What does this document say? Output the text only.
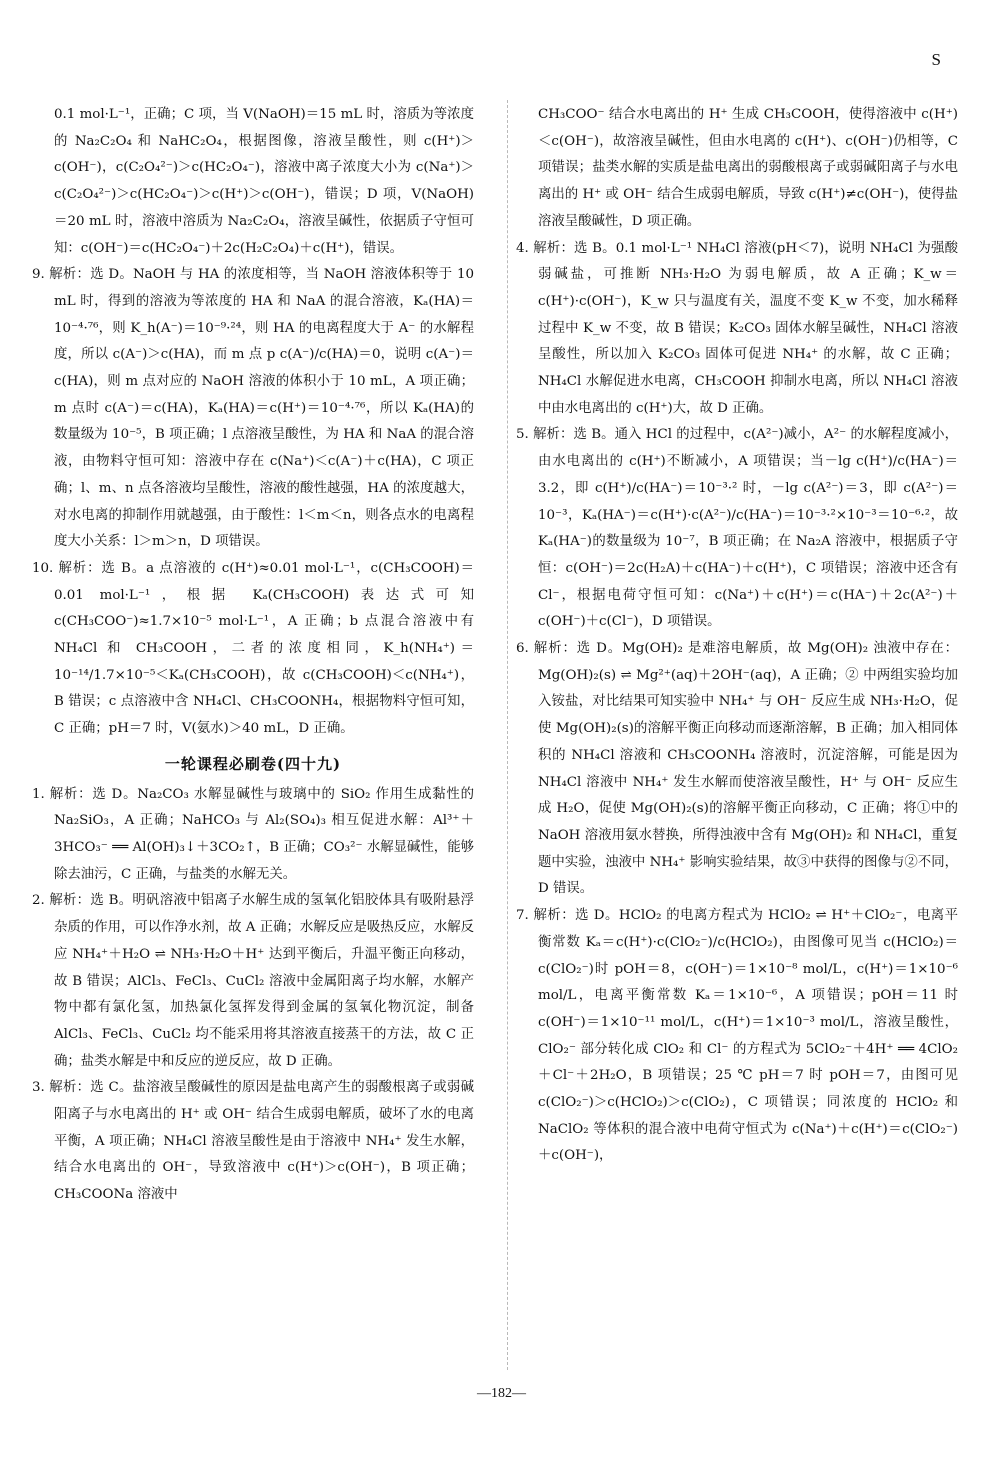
S

0.1 mol·L⁻¹，正确；C 项，当 V(NaOH)＝15 mL 时，溶质为等浓度的 Na₂C₂O₄ 和 NaHC₂O₄，根据图像，溶液呈酸性，则 c(H⁺)＞c(OH⁻)，c(C₂O₄²⁻)＞c(HC₂O₄⁻)，溶液中离子浓度大小为 c(Na⁺)＞c(C₂O₄²⁻)＞c(HC₂O₄⁻)＞c(H⁺)＞c(OH⁻)，错误；D 项，V(NaOH)＝20 mL 时，溶液中溶质为 Na₂C₂O₄，溶液呈碱性，依据质子守恒可知：c(OH⁻)＝c(HC₂O₄⁻)＋2c(H₂C₂O₄)＋c(H⁺)，错误。

9. 解析：选 D。NaOH 与 HA 的浓度相等，当 NaOH 溶液体积等于 10 mL 时，得到的溶液为等浓度的 HA 和 NaA 的混合溶液，Kₐ(HA)＝10⁻⁴·⁷⁶，则 K_h(A⁻)＝10⁻⁹·²⁴，则 HA 的电离程度大于 A⁻ 的水解程度，所以 c(A⁻)＞c(HA)，而 m 点 p c(A⁻)/c(HA)＝0，说明 c(A⁻)＝c(HA)，则 m 点对应的 NaOH 溶液的体积小于 10 mL，A 项正确；m 点时 c(A⁻)＝c(HA)，Kₐ(HA)＝c(H⁺)＝10⁻⁴·⁷⁶，所以 Kₐ(HA)的数量级为 10⁻⁵，B 项正确；l 点溶液呈酸性，为 HA 和 NaA 的混合溶液，由物料守恒可知：溶液中存在 c(Na⁺)＜c(A⁻)＋c(HA)，C 项正确；l、m、n 点各溶液均呈酸性，溶液的酸性越强，HA 的浓度越大，对水电离的抑制作用就越强，由于酸性：l＜m＜n，则各点水的电离程度大小关系：l＞m＞n，D 项错误。

10. 解析：选 B。a 点溶液的 c(H⁺)≈0.01 mol·L⁻¹，c(CH₃COOH)＝0.01 mol·L⁻¹，根据 Kₐ(CH₃COOH)表达式可知 c(CH₃COO⁻)≈1.7×10⁻⁵ mol·L⁻¹，A 正确；b 点混合溶液中有 NH₄Cl 和 CH₃COOH，二者的浓度相同，K_h(NH₄⁺)＝10⁻¹⁴/1.7×10⁻⁵＜Kₐ(CH₃COOH)，故 c(CH₃COOH)＜c(NH₄⁺)，B 错误；c 点溶液中含 NH₄Cl、CH₃COONH₄，根据物料守恒可知，C 正确；pH＝7 时，V(氨水)＞40 mL，D 正确。

一轮课程必刷卷(四十九)

1. 解析：选 D。Na₂CO₃ 水解显碱性与玻璃中的 SiO₂ 作用生成黏性的 Na₂SiO₃，A 正确；NaHCO₃ 与 Al₂(SO₄)₃ 相互促进水解：Al³⁺＋3HCO₃⁻ ══ Al(OH)₃↓＋3CO₂↑，B 正确；CO₃²⁻ 水解显碱性，能够除去油污，C 正确，与盐类的水解无关。

2. 解析：选 B。明矾溶液中铝离子水解生成的氢氧化铝胶体具有吸附悬浮杂质的作用，可以作净水剂，故 A 正确；水解反应是吸热反应，水解反应 NH₄⁺＋H₂O ⇌ NH₃·H₂O＋H⁺ 达到平衡后，升温平衡正向移动，故 B 错误；AlCl₃、FeCl₃、CuCl₂ 溶液中金属阳离子均水解，水解产物中都有氯化氢，加热氯化氢挥发得到金属的氢氧化物沉淀，制备 AlCl₃、FeCl₃、CuCl₂ 均不能采用将其溶液直接蒸干的方法，故 C 正确；盐类水解是中和反应的逆反应，故 D 正确。

3. 解析：选 C。盐溶液呈酸碱性的原因是盐电离产生的弱酸根离子或弱碱阳离子与水电离出的 H⁺ 或 OH⁻ 结合生成弱电解质，破坏了水的电离平衡，A 项正确；NH₄Cl 溶液呈酸性是由于溶液中 NH₄⁺ 发生水解，结合水电离出的 OH⁻，导致溶液中 c(H⁺)＞c(OH⁻)，B 项正确；CH₃COONa 溶液中

CH₃COO⁻ 结合水电离出的 H⁺ 生成 CH₃COOH，使得溶液中 c(H⁺)＜c(OH⁻)，故溶液呈碱性，但由水电离的 c(H⁺)、c(OH⁻)仍相等，C 项错误；盐类水解的实质是盐电离出的弱酸根离子或弱碱阳离子与水电离出的 H⁺ 或 OH⁻ 结合生成弱电解质，导致 c(H⁺)≠c(OH⁻)，使得盐溶液呈酸碱性，D 项正确。

4. 解析：选 B。0.1 mol·L⁻¹ NH₄Cl 溶液(pH＜7)，说明 NH₄Cl 为强酸弱碱盐，可推断 NH₃·H₂O 为弱电解质，故 A 正确；K_w＝c(H⁺)·c(OH⁻)，K_w 只与温度有关，温度不变 K_w 不变，加水稀释过程中 K_w 不变，故 B 错误；K₂CO₃ 固体水解呈碱性，NH₄Cl 溶液呈酸性，所以加入 K₂CO₃ 固体可促进 NH₄⁺ 的水解，故 C 正确；NH₄Cl 水解促进水电离，CH₃COOH 抑制水电离，所以 NH₄Cl 溶液中由水电离出的 c(H⁺)大，故 D 正确。

5. 解析：选 B。通入 HCl 的过程中，c(A²⁻)减小，A²⁻ 的水解程度减小，由水电离出的 c(H⁺)不断减小，A 项错误；当－lg c(H⁺)/c(HA⁻)＝3.2，即 c(H⁺)/c(HA⁻)＝10⁻³·² 时，－lg c(A²⁻)＝3，即 c(A²⁻)＝10⁻³，Kₐ(HA⁻)＝c(H⁺)·c(A²⁻)/c(HA⁻)＝10⁻³·²×10⁻³＝10⁻⁶·²，故 Kₐ(HA⁻)的数量级为 10⁻⁷，B 项正确；在 Na₂A 溶液中，根据质子守恒：c(OH⁻)＝2c(H₂A)＋c(HA⁻)＋c(H⁺)，C 项错误；溶液中还含有 Cl⁻，根据电荷守恒可知：c(Na⁺)＋c(H⁺)＝c(HA⁻)＋2c(A²⁻)＋c(OH⁻)＋c(Cl⁻)，D 项错误。

6. 解析：选 D。Mg(OH)₂ 是难溶电解质，故 Mg(OH)₂ 浊液中存在：Mg(OH)₂(s) ⇌ Mg²⁺(aq)＋2OH⁻(aq)，A 正确；② 中两组实验均加入铵盐，对比结果可知实验中 NH₄⁺ 与 OH⁻ 反应生成 NH₃·H₂O，促使 Mg(OH)₂(s)的溶解平衡正向移动而逐渐溶解，B 正确；加入相同体积的 NH₄Cl 溶液和 CH₃COONH₄ 溶液时，沉淀溶解，可能是因为 NH₄Cl 溶液中 NH₄⁺ 发生水解而使溶液呈酸性，H⁺ 与 OH⁻ 反应生成 H₂O，促使 Mg(OH)₂(s)的溶解平衡正向移动，C 正确；将①中的 NaOH 溶液用氨水替换，所得浊液中含有 Mg(OH)₂ 和 NH₄Cl，重复题中实验，浊液中 NH₄⁺ 影响实验结果，故③中获得的图像与②不同，D 错误。

7. 解析：选 D。HClO₂ 的电离方程式为 HClO₂ ⇌ H⁺＋ClO₂⁻，电离平衡常数 Kₐ＝c(H⁺)·c(ClO₂⁻)/c(HClO₂)，由图像可见当 c(HClO₂)＝c(ClO₂⁻)时 pOH＝8，c(OH⁻)＝1×10⁻⁸ mol/L，c(H⁺)＝1×10⁻⁶ mol/L，电离平衡常数 Kₐ＝1×10⁻⁶，A 项错误；pOH＝11 时 c(OH⁻)＝1×10⁻¹¹ mol/L，c(H⁺)＝1×10⁻³ mol/L，溶液呈酸性，ClO₂⁻ 部分转化成 ClO₂ 和 Cl⁻ 的方程式为 5ClO₂⁻＋4H⁺ ══ 4ClO₂＋Cl⁻＋2H₂O，B 项错误；25 ℃ pH＝7 时 pOH＝7，由图可见 c(ClO₂⁻)＞c(HClO₂)＞c(ClO₂)，C 项错误；同浓度的 HClO₂ 和 NaClO₂ 等体积的混合液中电荷守恒式为 c(Na⁺)＋c(H⁺)＝c(ClO₂⁻)＋c(OH⁻)，

—182—
